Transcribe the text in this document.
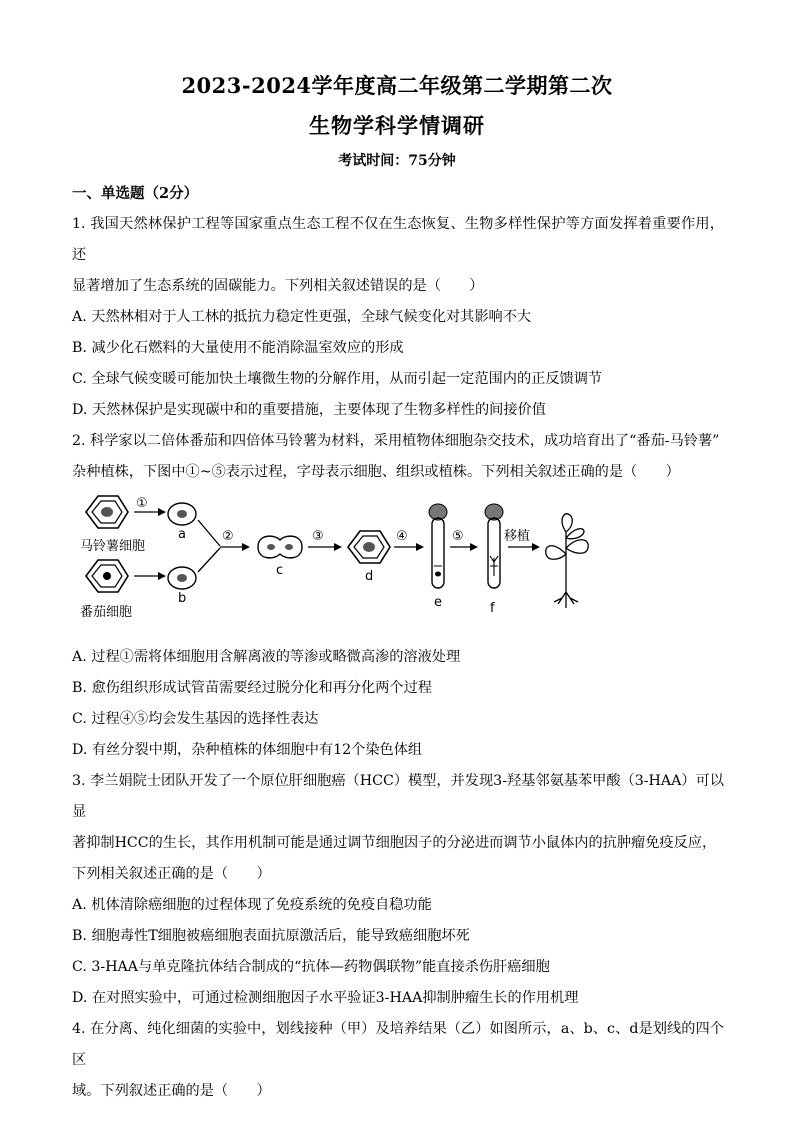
2023-2024学年度高二年级第二学期第二次
生物学科学情调研
考试时间：75分钟
一、单选题（2分）
1. 我国天然林保护工程等国家重点生态工程不仅在生态恢复、生物多样性保护等方面发挥着重要作用，还
显著增加了生态系统的固碳能力。下列相关叙述错误的是（　　）
A. 天然林相对于人工林的抵抗力稳定性更强，全球气候变化对其影响不大
B. 减少化石燃料的大量使用不能消除温室效应的形成
C. 全球气候变暖可能加快土壤微生物的分解作用，从而引起一定范围内的正反馈调节
D. 天然林保护是实现碳中和的重要措施，主要体现了生物多样性的间接价值
2. 科学家以二倍体番茄和四倍体马铃薯为材料，采用植物体细胞杂交技术，成功培育出了“番茄-马铃薯”
杂种植株，下图中①~⑤表示过程，字母表示细胞、组织或植株。下列相关叙述正确的是（　　）
马铃薯细胞
番茄细胞
①
a
b
②
c
③
d
④
e
⑤
f
移植
A. 过程①需将体细胞用含解离液的等渗或略微高渗的溶液处理
B. 愈伤组织形成试管苗需要经过脱分化和再分化两个过程
C. 过程④⑤均会发生基因的选择性表达
D. 有丝分裂中期，杂种植株的体细胞中有12个染色体组
3. 李兰娟院士团队开发了一个原位肝细胞癌（HCC）模型，并发现3-羟基邻氨基苯甲酸（3-HAA）可以显
著抑制HCC的生长，其作用机制可能是通过调节细胞因子的分泌进而调节小鼠体内的抗肿瘤免疫反应，
下列相关叙述正确的是（　　）
A. 机体清除癌细胞的过程体现了免疫系统的免疫自稳功能
B. 细胞毒性T细胞被癌细胞表面抗原激活后，能导致癌细胞坏死
C. 3-HAA与单克隆抗体结合制成的“抗体—药物偶联物”能直接杀伤肝癌细胞
D. 在对照实验中，可通过检测细胞因子水平验证3-HAA抑制肿瘤生长的作用机理
4. 在分离、纯化细菌的实验中，划线接种（甲）及培养结果（乙）如图所示，a、b、c、d是划线的四个区
域。下列叙述正确的是（　　）
